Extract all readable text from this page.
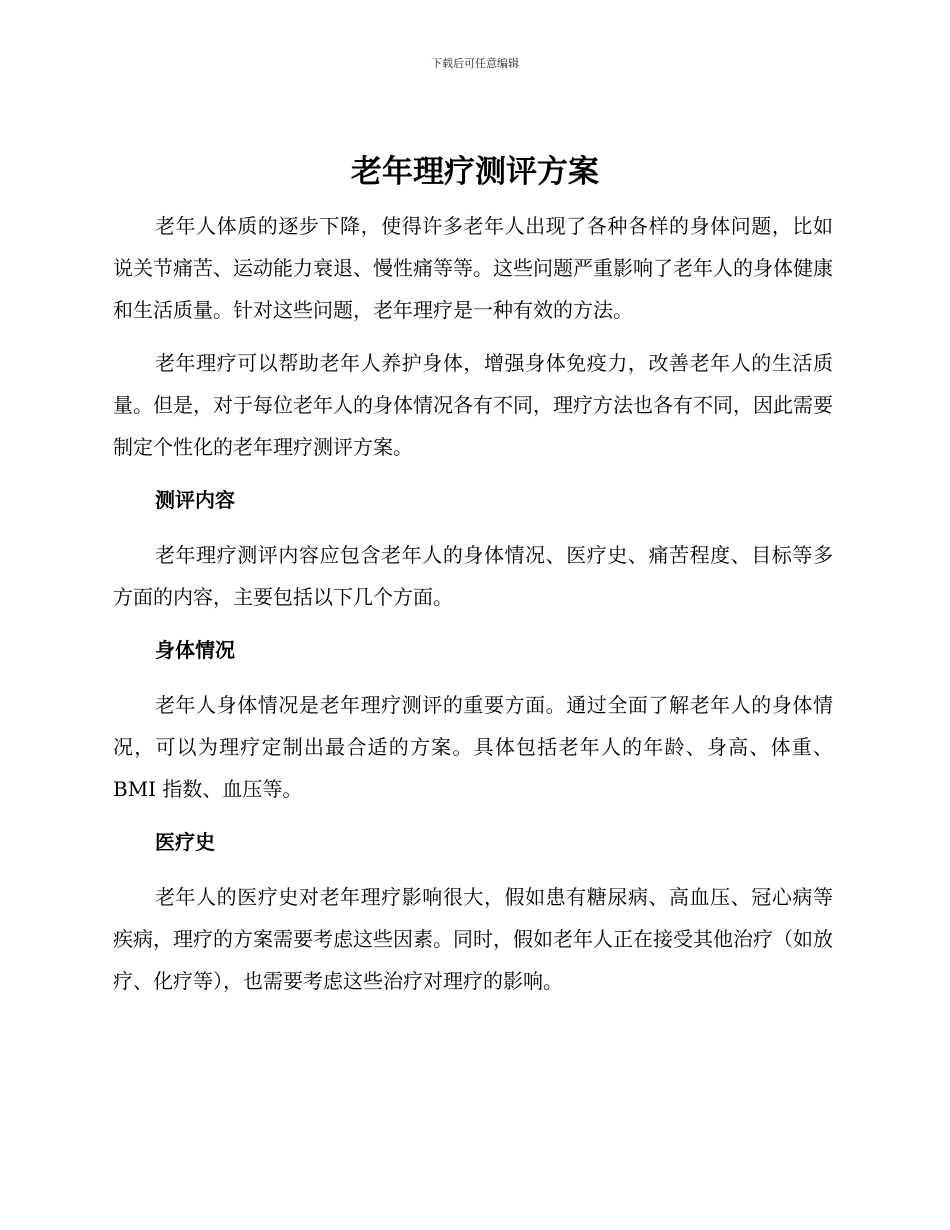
下载后可任意编辑
老年理疗测评方案

老年人体质的逐步下降，使得许多老年人出现了各种各样的身体问题，比如说关节痛苦、运动能力衰退、慢性痛等等。这些问题严重影响了老年人的身体健康和生活质量。针对这些问题，老年理疗是一种有效的方法。

老年理疗可以帮助老年人养护身体，增强身体免疫力，改善老年人的生活质量。但是，对于每位老年人的身体情况各有不同，理疗方法也各有不同，因此需要制定个性化的老年理疗测评方案。

测评内容

老年理疗测评内容应包含老年人的身体情况、医疗史、痛苦程度、目标等多方面的内容，主要包括以下几个方面。

身体情况

老年人身体情况是老年理疗测评的重要方面。通过全面了解老年人的身体情况，可以为理疗定制出最合适的方案。具体包括老年人的年龄、身高、体重、BMI 指数、血压等。

医疗史

老年人的医疗史对老年理疗影响很大，假如患有糖尿病、高血压、冠心病等疾病，理疗的方案需要考虑这些因素。同时，假如老年人正在接受其他治疗（如放疗、化疗等），也需要考虑这些治疗对理疗的影响。
